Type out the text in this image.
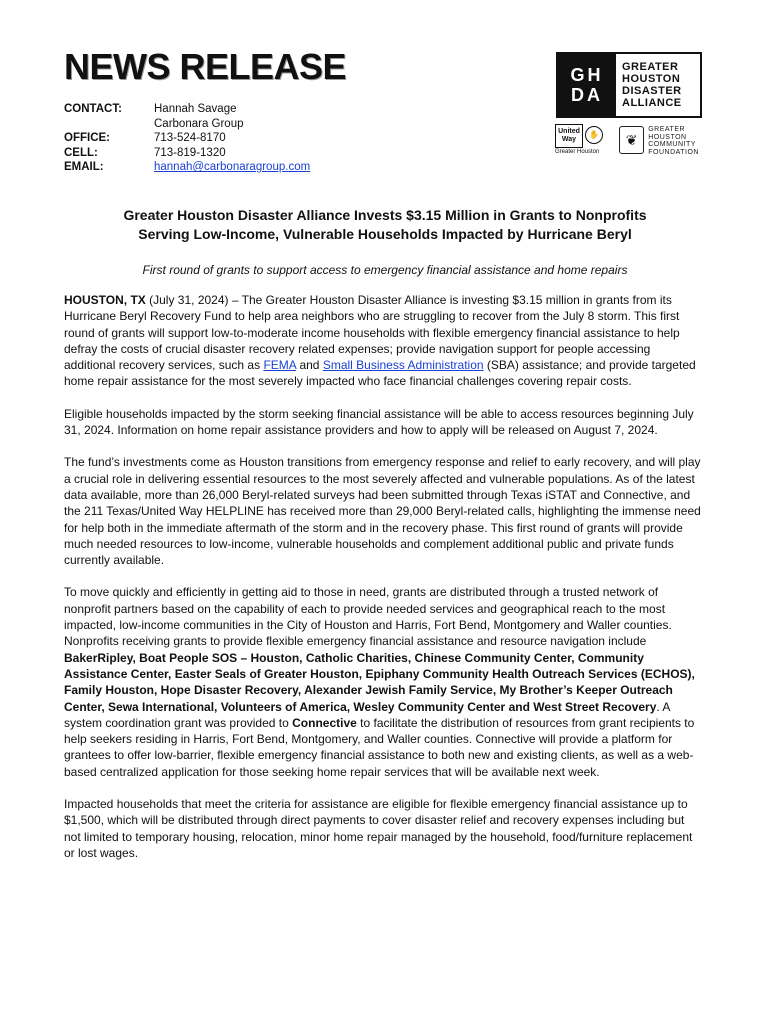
NEWS RELEASE
CONTACT:	Hannah Savage
Carbonara Group
OFFICE:	713-524-8170
CELL:	713-819-1320
EMAIL:	hannah@carbonaragroup.com
GH
DA
GREATER
HOUSTON
DISASTER
ALLIANCE
United Way
✋
Greater Houston
❦
GREATER
HOUSTON
COMMUNITY
FOUNDATION
Greater Houston Disaster Alliance Invests $3.15 Million in Grants to Nonprofits
Serving Low-Income, Vulnerable Households Impacted by Hurricane Beryl
First round of grants to support access to emergency financial assistance and home repairs

HOUSTON, TX (July 31, 2024) – The Greater Houston Disaster Alliance is investing $3.15 million in grants from its Hurricane Beryl Recovery Fund to help area neighbors who are struggling to recover from the July 8 storm. This first round of grants will support low-to-moderate income households with flexible emergency financial assistance to help defray the costs of crucial disaster recovery related expenses; provide navigation support for people accessing additional recovery services, such as FEMA and Small Business Administration (SBA) assistance; and provide targeted home repair assistance for the most severely impacted who face financial challenges covering repair costs.

Eligible households impacted by the storm seeking financial assistance will be able to access resources beginning July 31, 2024. Information on home repair assistance providers and how to apply will be released on August 7, 2024.

The fund’s investments come as Houston transitions from emergency response and relief to early recovery, and will play a crucial role in delivering essential resources to the most severely affected and vulnerable populations. As of the latest data available, more than 26,000 Beryl-related surveys had been submitted through Texas iSTAT and Connective, and the 211 Texas/United Way HELPLINE has received more than 29,000 Beryl-related calls, highlighting the immense need for help both in the immediate aftermath of the storm and in the recovery phase. This first round of grants will provide much needed resources to low-income, vulnerable households and complement additional public and private funds currently available.

To move quickly and efficiently in getting aid to those in need, grants are distributed through a trusted network of nonprofit partners based on the capability of each to provide needed services and geographical reach to the most impacted, low-income communities in the City of Houston and Harris, Fort Bend, Montgomery and Waller counties. Nonprofits receiving grants to provide flexible emergency financial assistance and resource navigation include BakerRipley, Boat People SOS – Houston, Catholic Charities, Chinese Community Center, Community Assistance Center, Easter Seals of Greater Houston, Epiphany Community Health Outreach Services (ECHOS), Family Houston, Hope Disaster Recovery, Alexander Jewish Family Service, My Brother’s Keeper Outreach Center, Sewa International, Volunteers of America, Wesley Community Center and West Street Recovery. A system coordination grant was provided to Connective to facilitate the distribution of resources from grant recipients to help seekers residing in Harris, Fort Bend, Montgomery, and Waller counties. Connective will provide a platform for grantees to offer low-barrier, flexible emergency financial assistance to both new and existing clients, as well as a web-based centralized application for those seeking home repair services that will be available next week.

Impacted households that meet the criteria for assistance are eligible for flexible emergency financial assistance up to $1,500, which will be distributed through direct payments to cover disaster relief and recovery expenses including but not limited to temporary housing, relocation, minor home repair managed by the household, food/furniture replacement or lost wages.
